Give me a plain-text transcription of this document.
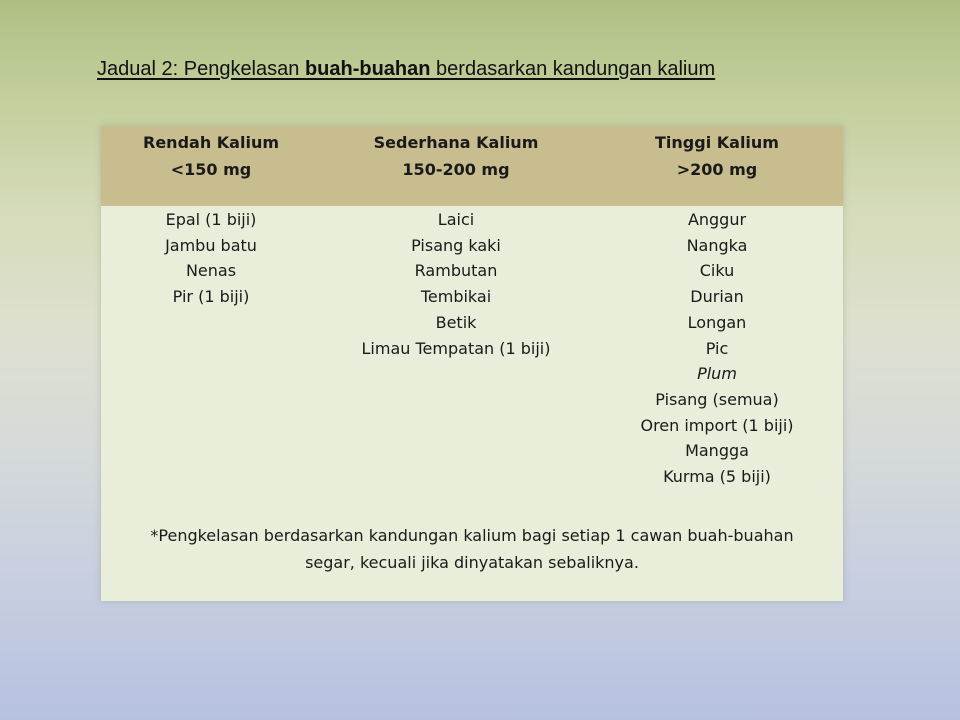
Jadual 2: Pengkelasan buah-buahan berdasarkan kandungan kalium
Rendah Kalium
<150 mg
Sederhana Kalium
150-200 mg
Tinggi Kalium
>200 mg
Epal (1 biji)
Jambu batu
Nenas
Pir (1 biji)
Laici
Pisang kaki
Rambutan
Tembikai
Betik
Limau Tempatan (1 biji)
Anggur
Nangka
Ciku
Durian
Longan
Pic
Plum
Pisang (semua)
Oren import (1 biji)
Mangga
Kurma (5 biji)
*Pengkelasan berdasarkan kandungan kalium bagi setiap 1 cawan buah-buahan
segar, kecuali jika dinyatakan sebaliknya.
